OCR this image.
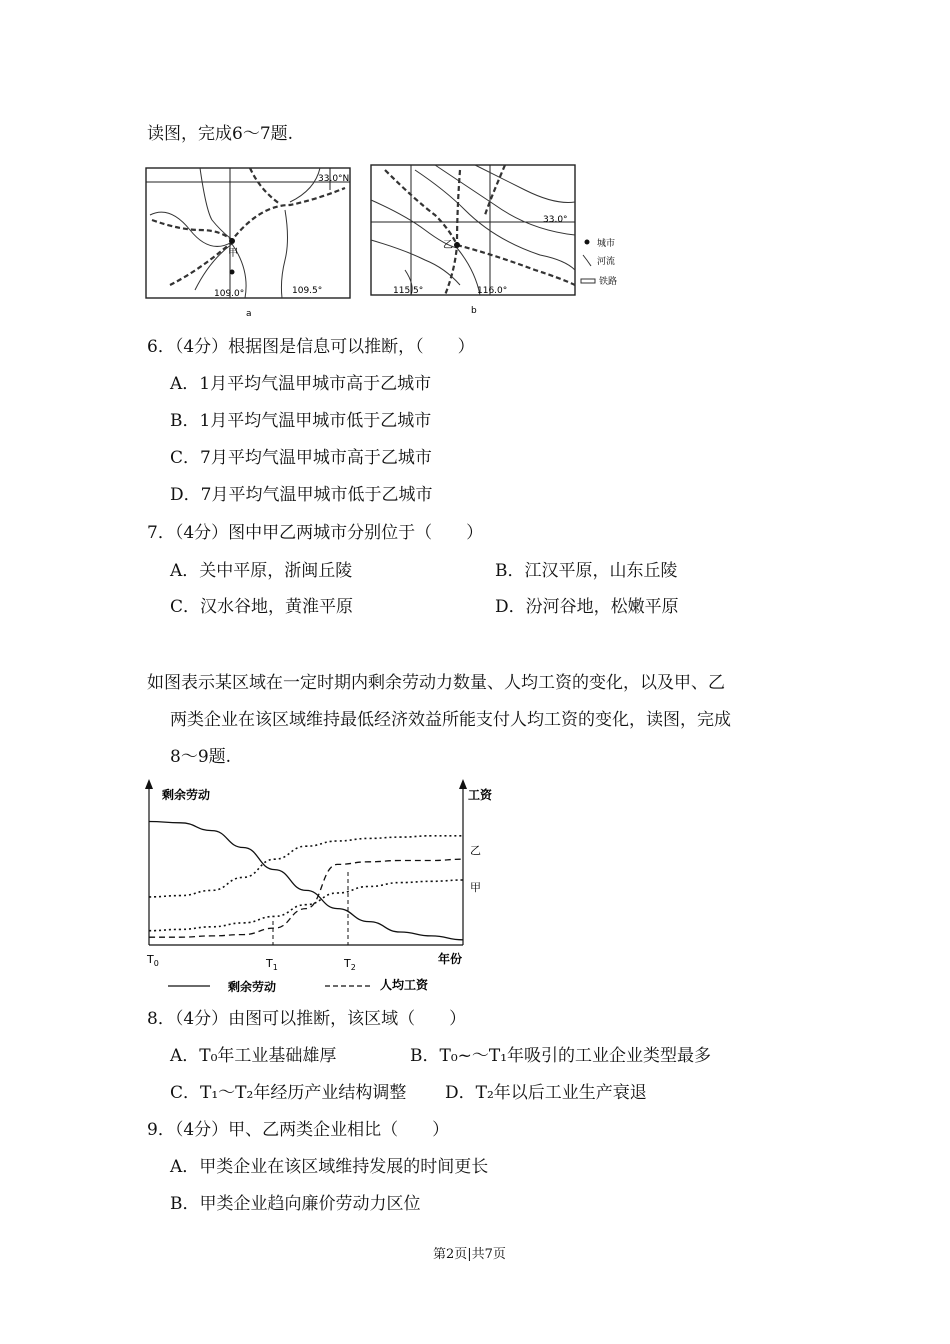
读图，完成6～7题.
甲
33.0°N
109.0°	109.5°
a
乙
33.0°
115.5°	116.0°
b
城市
河流
铁路
6．（4分）根据图是信息可以推断，（　　）
A．1月平均气温甲城市高于乙城市
B．1月平均气温甲城市低于乙城市
C．7月平均气温甲城市高于乙城市
D．7月平均气温甲城市低于乙城市
7．（4分）图中甲乙两城市分别位于（　　）
A．关中平原，浙闽丘陵	B．江汉平原，山东丘陵
C．汉水谷地，黄淮平原	D．汾河谷地，松嫩平原
如图表示某区域在一定时期内剩余劳动力数量、人均工资的变化，以及甲、乙
两类企业在该区域维持最低经济效益所能支付人均工资的变化，读图，完成
8～9题.
剩余劳动	工资
年份
$T_0$	$T_1$	$T_2$
乙
甲
剩余劳动	人均工资
8．（4分）由图可以推断，该区域（　　）
A．T₀年工业基础雄厚	B．T₀~～T₁年吸引的工业企业类型最多
C．T₁～T₂年经历产业结构调整 D．T₂年以后工业生产衰退
9．（4分）甲、乙两类企业相比（　　）
A．甲类企业在该区域维持发展的时间更长
B．甲类企业趋向廉价劳动力区位
第2页|共7页
